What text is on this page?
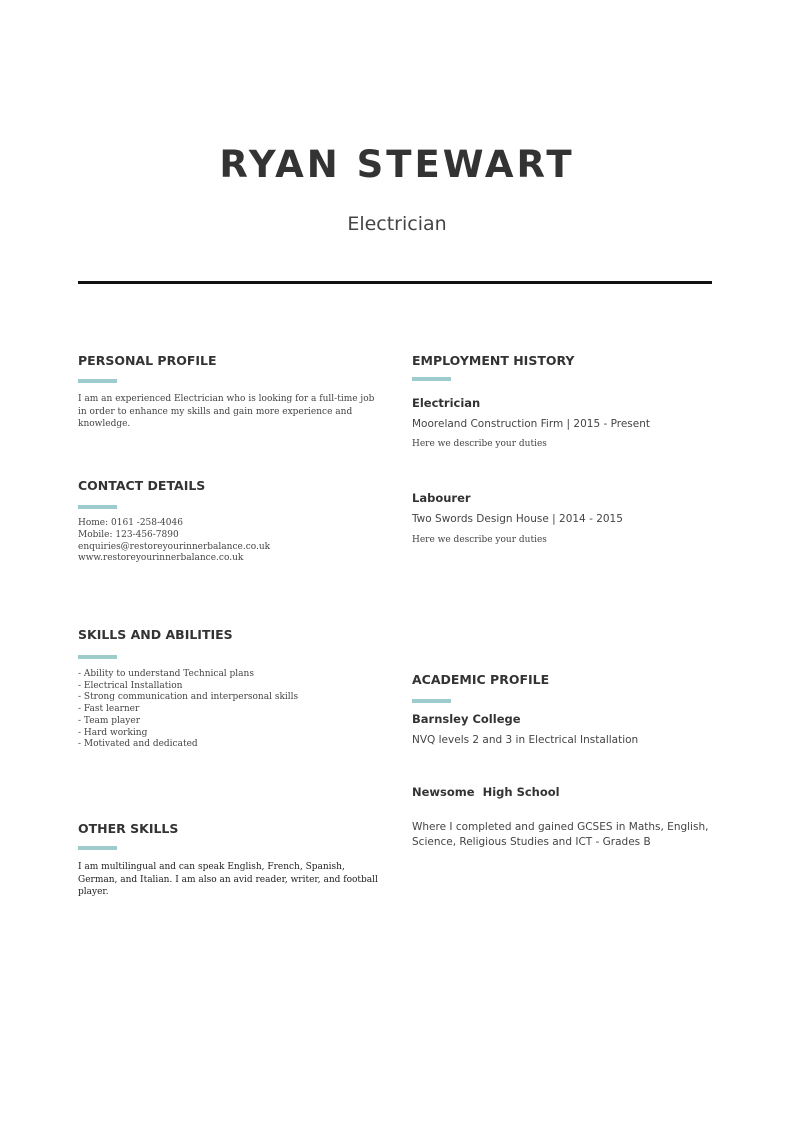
RYAN STEWART
Electrician
PERSONAL PROFILE
I am an experienced Electrician who is looking for a full-time job in order to enhance my skills and gain more experience and knowledge.
CONTACT DETAILS
Home: 0161 -258-4046
Mobile: 123-456-7890
enquiries@restoreyourinnerbalance.co.uk
www.restoreyourinnerbalance.co.uk
SKILLS AND ABILITIES
- Ability to understand Technical plans
- Electrical Installation
- Strong communication and interpersonal skills
- Fast learner
- Team player
- Hard working
- Motivated and dedicated
OTHER SKILLS
I am multilingual and can speak English, French, Spanish, German, and Italian. I am also an avid reader, writer, and football player.
EMPLOYMENT HISTORY
Electrician
Mooreland Construction Firm | 2015 - Present
Here we describe your duties
Labourer
Two Swords Design House | 2014 - 2015
Here we describe your duties
ACADEMIC PROFILE
Barnsley College
NVQ levels 2 and 3 in Electrical Installation
Newsome  High School
Where I completed and gained GCSES in Maths, English, Science, Religious Studies and ICT - Grades B
